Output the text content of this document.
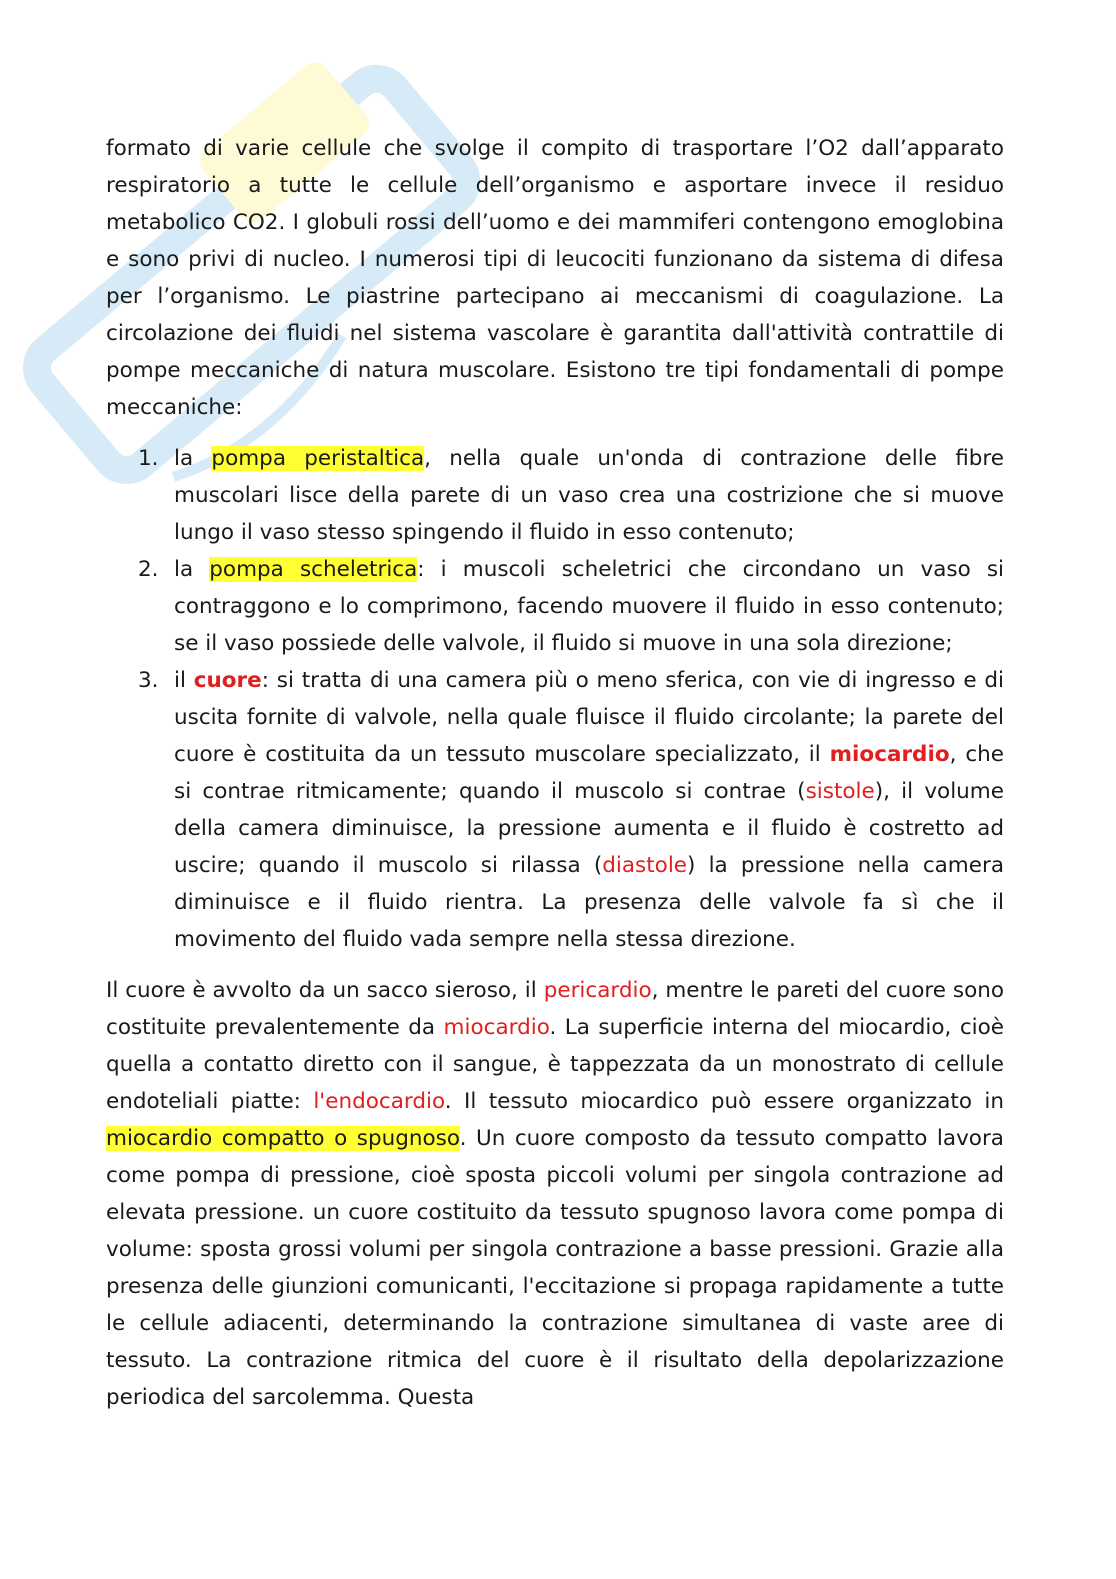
formato di varie cellule che svolge il compito di trasportare l’O2 dall’apparato respiratorio a tutte le cellule dell’organismo e asportare invece il residuo metabolico CO2. I globuli rossi dell’uomo e dei mammiferi contengono emoglobina e sono privi di nucleo. I numerosi tipi di leucociti funzionano da sistema di difesa per l’organismo. Le piastrine partecipano ai meccanismi di coagulazione. La circolazione dei fluidi nel sistema vascolare è garantita dall'attività contrattile di pompe meccaniche di natura muscolare. Esistono tre tipi fondamentali di pompe meccaniche:

1. la pompa peristaltica, nella quale un'onda di contrazione delle fibre muscolari lisce della parete di un vaso crea una costrizione che si muove lungo il vaso stesso spingendo il fluido in esso contenuto;
2. la pompa scheletrica: i muscoli scheletrici che circondano un vaso si contraggono e lo comprimono, facendo muovere il fluido in esso contenuto; se il vaso possiede delle valvole, il fluido si muove in una sola direzione;
3. il cuore: si tratta di una camera più o meno sferica, con vie di ingresso e di uscita fornite di valvole, nella quale fluisce il fluido circolante; la parete del cuore è costituita da un tessuto muscolare specializzato, il miocardio, che si contrae ritmicamente; quando il muscolo si contrae (sistole), il volume della camera diminuisce, la pressione aumenta e il fluido è costretto ad uscire; quando il muscolo si rilassa (diastole) la pressione nella camera diminuisce e il fluido rientra. La presenza delle valvole fa sì che il movimento del fluido vada sempre nella stessa direzione.

Il cuore è avvolto da un sacco sieroso, il pericardio, mentre le pareti del cuore sono costituite prevalentemente da miocardio. La superficie interna del miocardio, cioè quella a contatto diretto con il sangue, è tappezzata da un monostrato di cellule endoteliali piatte: l'endocardio. Il tessuto miocardico può essere organizzato in miocardio compatto o spugnoso. Un cuore composto da tessuto compatto lavora come pompa di pressione, cioè sposta piccoli volumi per singola contrazione ad elevata pressione. un cuore costituito da tessuto spugnoso lavora come pompa di volume: sposta grossi volumi per singola contrazione a basse pressioni. Grazie alla presenza delle giunzioni comunicanti, l'eccitazione si propaga rapidamente a tutte le cellule adiacenti, determinando la contrazione simultanea di vaste aree di tessuto. La contrazione ritmica del cuore è il risultato della depolarizzazione periodica del sarcolemma. Questa
